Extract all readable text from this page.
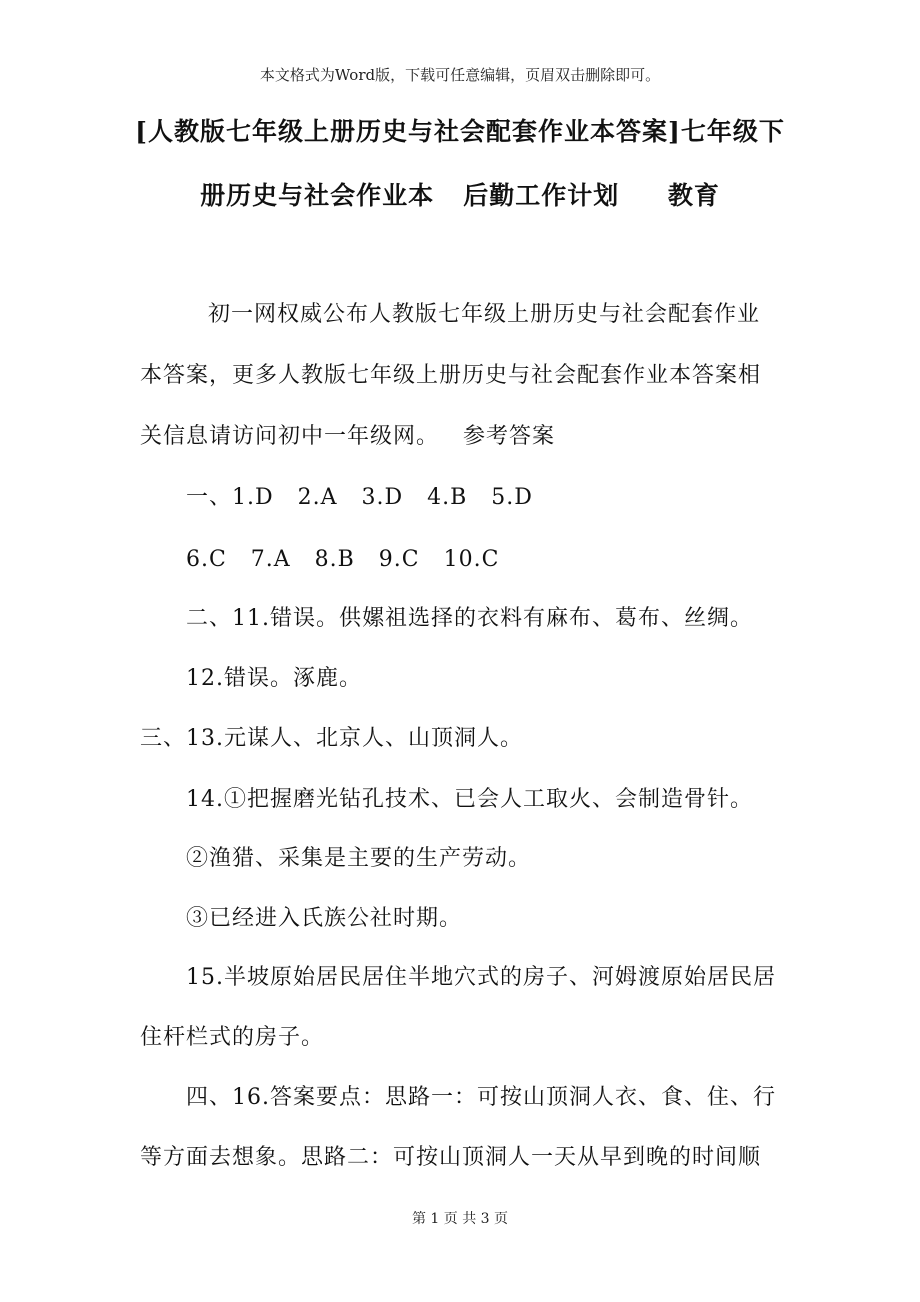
本文格式为Word版，下载可任意编辑，页眉双击删除即可。
[人教版七年级上册历史与社会配套作业本答案]七年级下
册历史与社会作业本 后勤工作计划 教育
初一网权威公布人教版七年级上册历史与社会配套作业
本答案，更多人教版七年级上册历史与社会配套作业本答案相
关信息请访问初中一年级网。   参考答案
一、1.D   2.A   3.D   4.B   5.D
6.C   7.A   8.B   9.C   10.C
二、11.错误。供嫘祖选择的衣料有麻布、葛布、丝绸。
12.错误。涿鹿。
三、13.元谋人、北京人、山顶洞人。
14.①把握磨光钻孔技术、已会人工取火、会制造骨针。
②渔猎、采集是主要的生产劳动。
③已经进入氏族公社时期。
15.半坡原始居民居住半地穴式的房子、河姆渡原始居民居
住杆栏式的房子。
四、16.答案要点：思路一：可按山顶洞人衣、食、住、行
等方面去想象。思路二：可按山顶洞人一天从早到晚的时间顺
第 1 页 共 3 页
